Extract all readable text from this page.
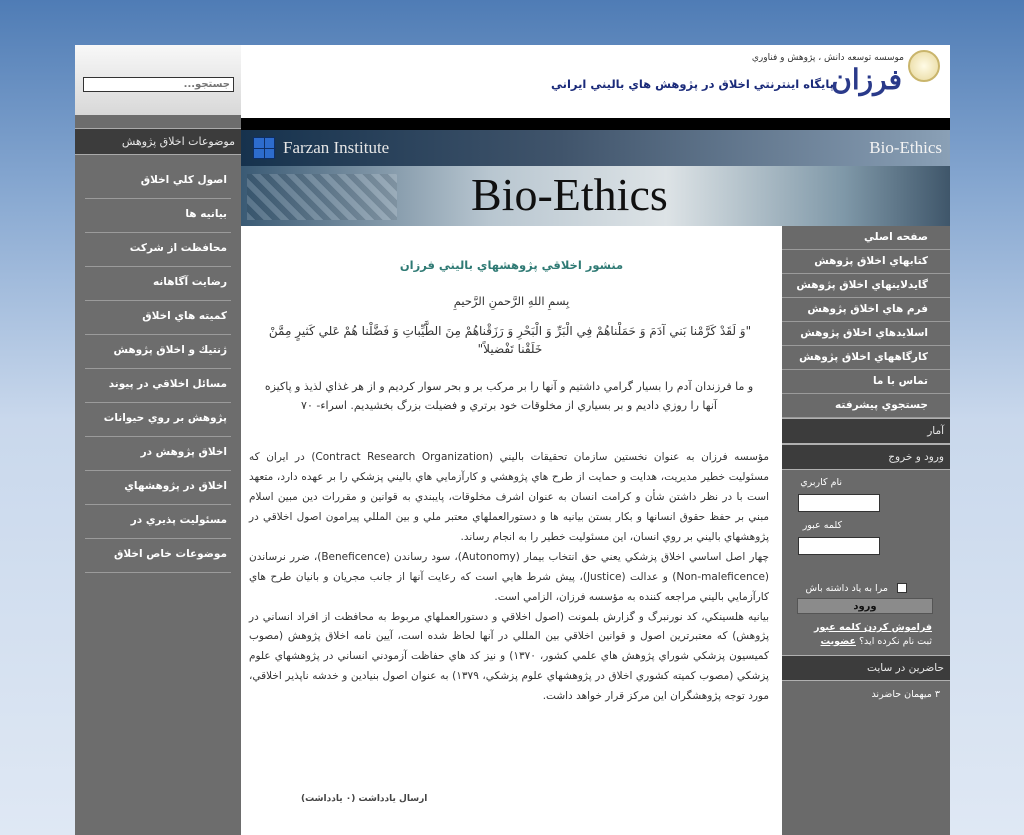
جستجو...
موضوعات اخلاق پژوهش
اصول كلي اخلاق
بيانيه ها
محافظت از شركت
رضايت آگاهانه
كميته هاي اخلاق
ژنتيك و اخلاق پژوهش
مسائل اخلاقي در پيوند
پژوهش بر روي حيوانات
اخلاق پژوهش در
اخلاق در پژوهشهاي
مسئوليت پذيري در
موضوعات خاص اخلاق
موسسه توسعه دانش ، پژوهش و فناوري
فرزان
پايگاه اينترنتي اخلاق در پژوهش هاي باليني ايراني
Farzan Institute	Bio-Ethics
Bio-Ethics
منشور اخلاقي پژوهشهاي باليني فرزان
بِسمِ اللهِ الرَّحمنِ الرَّحيمِ
"وَ لَقَدْ كَرَّمْنا بَني آدَمَ وَ حَمَلْناهُمْ فِي الْبَرِّ وَ الْبَحْرِ وَ رَزَقْناهُمْ مِنَ الطَّيِّباتِ وَ فَضَّلْنا هُمْ عَلي كَثيرٍ مِمَّنْ خَلَقْنا تَفْضيلاً"
و ما فرزندان آدم را بسيار گرامي داشتيم و آنها را بر مركب بر و بحر سوار كرديم و از هر غذاي لذيذ و پاكيزه آنها را روزي داديم و بر بسياري از مخلوقات خود برتري و فضيلت بزرگ بخشيديم. اسراء- ۷۰

مؤسسه فرزان به عنوان نخستين سازمان تحقيقات باليني (Contract Research Organization) در ايران كه مسئوليت خطير مديريت، هدايت و حمايت از طرح هاي پژوهشي و كارآزمايي هاي باليني پزشكي را بر عهده دارد، متعهد است با در نظر داشتن شأن و كرامت انسان به عنوان اشرف مخلوقات، پايبندي به قوانين و مقررات دين مبين اسلام مبني بر حفظ حقوق انسانها و بكار بستن بيانيه ها و دستورالعملهاي معتبر ملي و بين المللي پيرامون اصول اخلاقي در پژوهشهاي باليني بر روي انسان، اين مسئوليت خطير را به انجام رساند.

چهار اصل اساسي اخلاق پزشكي يعني حق انتخاب بيمار (Autonomy)، سود رساندن (Beneficence)، ضرر نرساندن (Non-maleficence) و عدالت (Justice)، پيش شرط هايي است كه رعايت آنها از جانب مجريان و بانيان طرح هاي كارآزمايي باليني مراجعه كننده به مؤسسه فرزان، الزامي است.

بيانيه هلسينكي، كد نورنبرگ و گزارش بلمونت (اصول اخلاقي و دستورالعملهاي مربوط به محافظت از افراد انساني در پژوهش) كه معتبرترين اصول و قوانين اخلاقي بين المللي در آنها لحاظ شده است، آيين نامه اخلاق پژوهش (مصوب كميسيون پزشكي شوراي پژوهش هاي علمي كشور، ۱۳۷۰) و نيز كد هاي حفاظت آزمودني انساني در پژوهشهاي علوم پزشكي (مصوب كميته كشوري اخلاق در پژوهشهاي علوم پزشكي، ۱۳۷۹) به عنوان اصول بنيادين و خدشه ناپذير اخلاقي، مورد توجه پژوهشگران اين مركز قرار خواهد داشت.

ارسال يادداشت (۰ يادداشت)
صفحه اصلي
كتابهاي اخلاق پژوهش
گايدلاينهاي اخلاق پژوهش
فرم هاي اخلاق پژوهش
اسلايدهاي اخلاق پژوهش
كارگاههاي اخلاق پژوهش
تماس با ما
جستجوي پيشرفته
آمار
ورود و خروج
نام كاربري
كلمه عبور
مرا به ياد داشته باش
ورود
فراموش كردن كلمه عبور
ثبت نام نكرده ايد؟ عضويت
حاضرين در سايت
۳ ميهمان حاضرند
